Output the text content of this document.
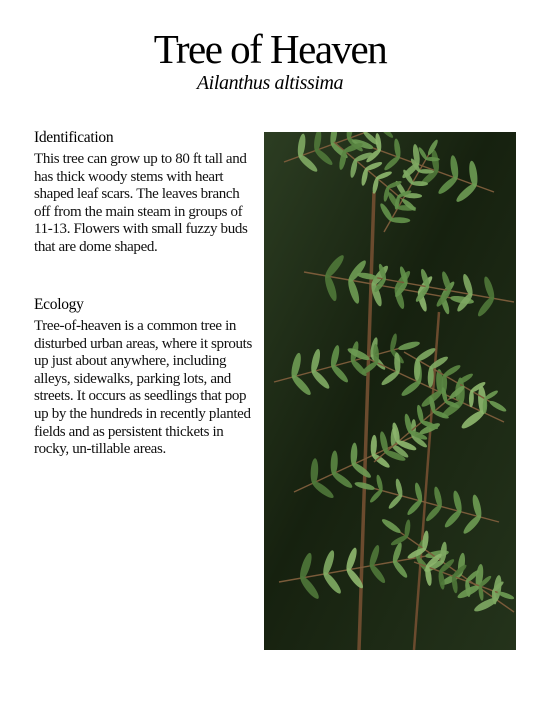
Tree of Heaven

Ailanthus altissima

Identification

This tree can grow up to 80 ft tall and has thick woody stems with heart shaped leaf scars. The leaves branch off from the main steam in groups of 11-13. Flowers with small fuzzy buds that are dome shaped.

Ecology

Tree-of-heaven is a common tree in disturbed urban areas, where it sprouts up just about anywhere, including alleys, sidewalks, parking lots, and streets. It occurs as seedlings that pop up by the hundreds in recently planted fields and as persistent thickets in rocky, un-tillable areas.
